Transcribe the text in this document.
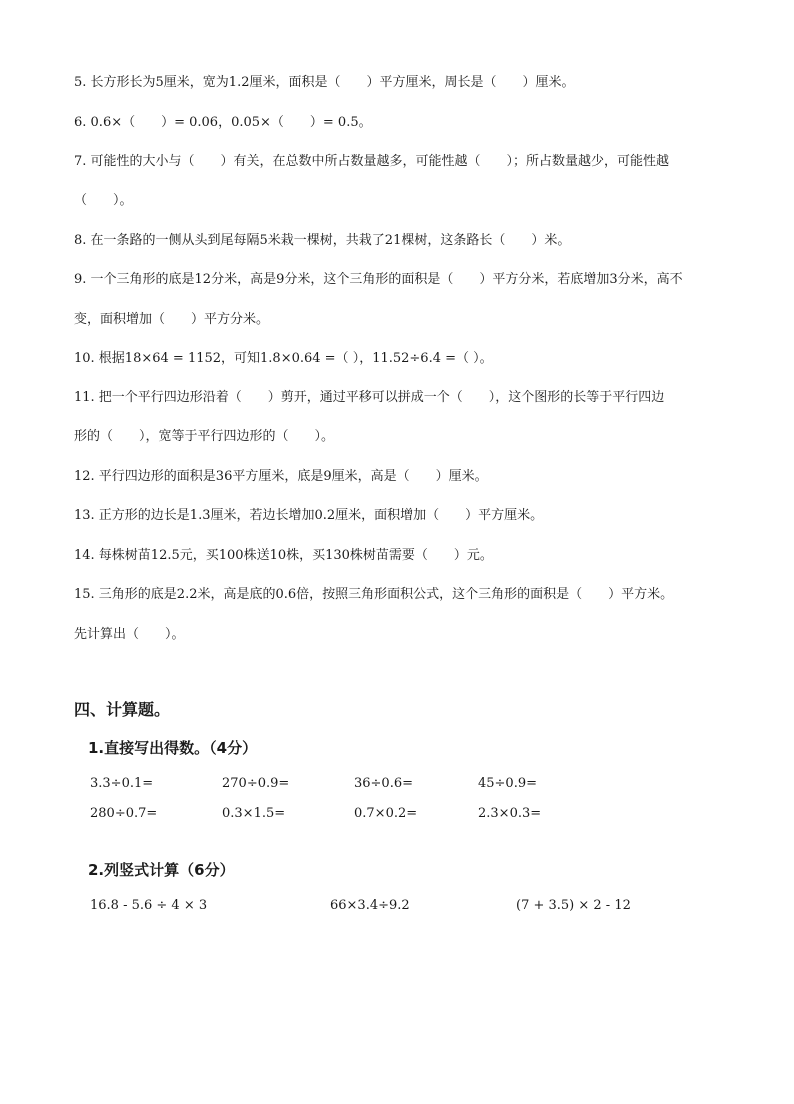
5. 长方形长为5厘米，宽为1.2厘米，面积是（　　）平方厘米，周长是（　　）厘米。
6. 0.6×（　　）= 0.06，0.05×（　　）= 0.5。
7. 可能性的大小与（　　）有关，在总数中所占数量越多，可能性越（　　）；所占数量越少，可能性越
（　　）。
8. 在一条路的一侧从头到尾每隔5米栽一棵树，共栽了21棵树，这条路长（　　）米。
9. 一个三角形的底是12分米，高是9分米，这个三角形的面积是（　　）平方分米，若底增加3分米，高不
变，面积增加（　　）平方分米。
10. 根据18×64 = 1152，可知1.8×0.64 =（ ），11.52÷6.4 =（ ）。
11. 把一个平行四边形沿着（　　）剪开，通过平移可以拼成一个（　　），这个图形的长等于平行四边
形的（　　），宽等于平行四边形的（　　）。
12. 平行四边形的面积是36平方厘米，底是9厘米，高是（　　）厘米。
13. 正方形的边长是1.3厘米，若边长增加0.2厘米，面积增加（　　）平方厘米。
14. 每株树苗12.5元，买100株送10株，买130株树苗需要（　　）元。
15. 三角形的底是2.2米，高是底的0.6倍，按照三角形面积公式，这个三角形的面积是（　　）平方米。
先计算出（　　）。
四、计算题。
1.直接写出得数。（4分）
3.3÷0.1=	270÷0.9=	36÷0.6=	45÷0.9=
280÷0.7=	0.3×1.5=	0.7×0.2=	2.3×0.3=
2.列竖式计算（6分）
16.8 - 5.6 ÷ 4 × 3	66×3.4÷9.2	(7 + 3.5) × 2 - 12
